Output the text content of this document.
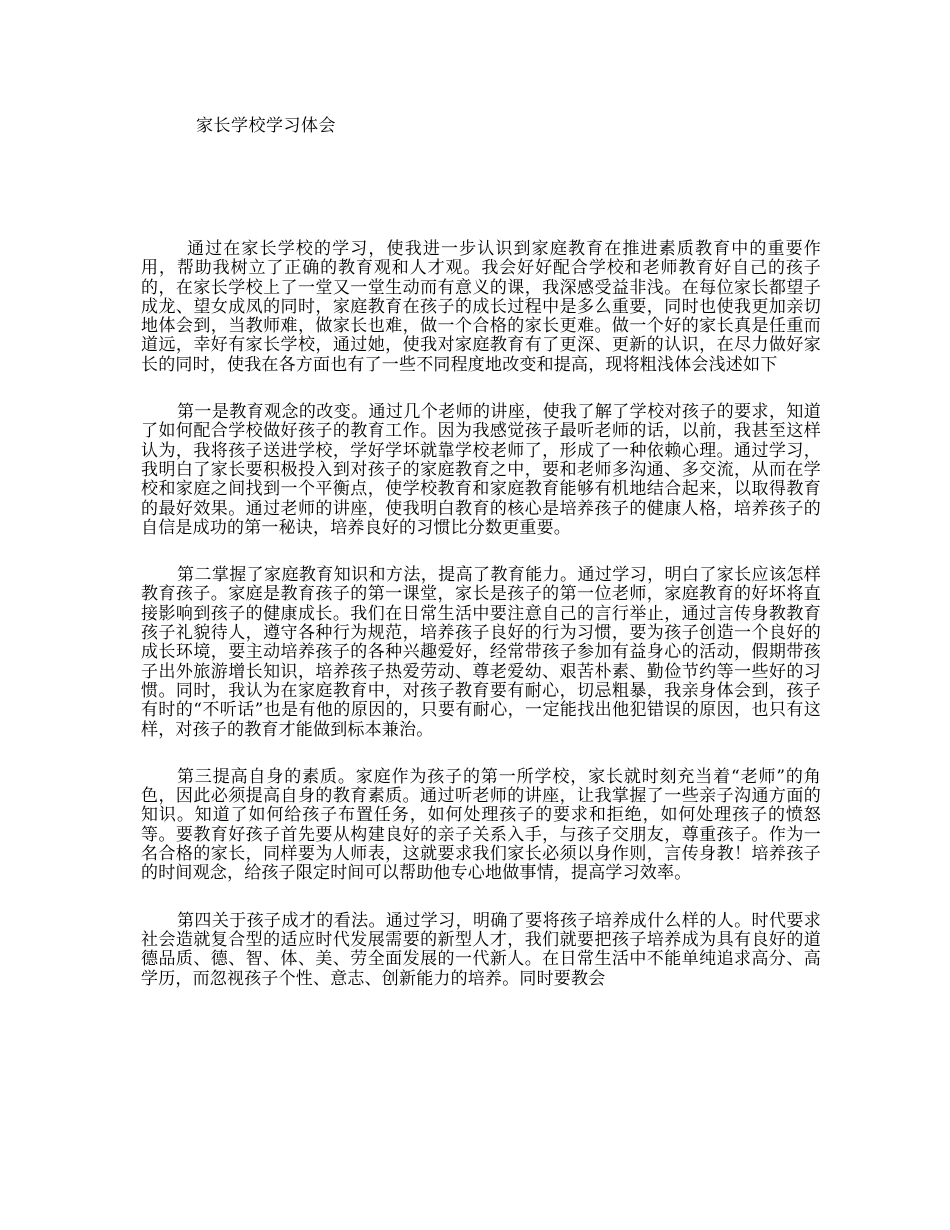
家长学校学习体会

通过在家长学校的学习，使我进一步认识到家庭教育在推进素质教育中的重要作用，帮助我树立了正确的教育观和人才观。我会好好配合学校和老师教育好自己的孩子的，在家长学校上了一堂又一堂生动而有意义的课，我深感受益非浅。在每位家长都望子成龙、望女成凤的同时，家庭教育在孩子的成长过程中是多么重要，同时也使我更加亲切地体会到，当教师难，做家长也难，做一个合格的家长更难。做一个好的家长真是任重而道远，幸好有家长学校，通过她，使我对家庭教育有了更深、更新的认识，在尽力做好家长的同时，使我在各方面也有了一些不同程度地改变和提高，现将粗浅体会浅述如下

第一是教育观念的改变。通过几个老师的讲座，使我了解了学校对孩子的要求，知道了如何配合学校做好孩子的教育工作。因为我感觉孩子最听老师的话，以前，我甚至这样认为，我将孩子送进学校，学好学坏就靠学校老师了，形成了一种依赖心理。通过学习，我明白了家长要积极投入到对孩子的家庭教育之中，要和老师多沟通、多交流，从而在学校和家庭之间找到一个平衡点，使学校教育和家庭教育能够有机地结合起来，以取得教育的最好效果。通过老师的讲座，使我明白教育的核心是培养孩子的健康人格，培养孩子的自信是成功的第一秘诀，培养良好的习惯比分数更重要。

第二掌握了家庭教育知识和方法，提高了教育能力。通过学习，明白了家长应该怎样教育孩子。家庭是教育孩子的第一课堂，家长是孩子的第一位老师，家庭教育的好坏将直接影响到孩子的健康成长。我们在日常生活中要注意自己的言行举止，通过言传身教教育孩子礼貌待人，遵守各种行为规范，培养孩子良好的行为习惯，要为孩子创造一个良好的成长环境，要主动培养孩子的各种兴趣爱好，经常带孩子参加有益身心的活动，假期带孩子出外旅游增长知识，培养孩子热爱劳动、尊老爱幼、艰苦朴素、勤俭节约等一些好的习惯。同时，我认为在家庭教育中，对孩子教育要有耐心，切忌粗暴，我亲身体会到，孩子有时的“不听话”也是有他的原因的，只要有耐心，一定能找出他犯错误的原因，也只有这样，对孩子的教育才能做到标本兼治。

第三提高自身的素质。家庭作为孩子的第一所学校，家长就时刻充当着“老师”的角色，因此必须提高自身的教育素质。通过听老师的讲座，让我掌握了一些亲子沟通方面的知识。知道了如何给孩子布置任务，如何处理孩子的要求和拒绝，如何处理孩子的愤怒等。要教育好孩子首先要从构建良好的亲子关系入手，与孩子交朋友，尊重孩子。作为一名合格的家长，同样要为人师表，这就要求我们家长必须以身作则，言传身教！培养孩子的时间观念，给孩子限定时间可以帮助他专心地做事情，提高学习效率。

第四关于孩子成才的看法。通过学习，明确了要将孩子培养成什么样的人。时代要求社会造就复合型的适应时代发展需要的新型人才，我们就要把孩子培养成为具有良好的道德品质、德、智、体、美、劳全面发展的一代新人。在日常生活中不能单纯追求高分、高学历，而忽视孩子个性、意志、创新能力的培养。同时要教会
